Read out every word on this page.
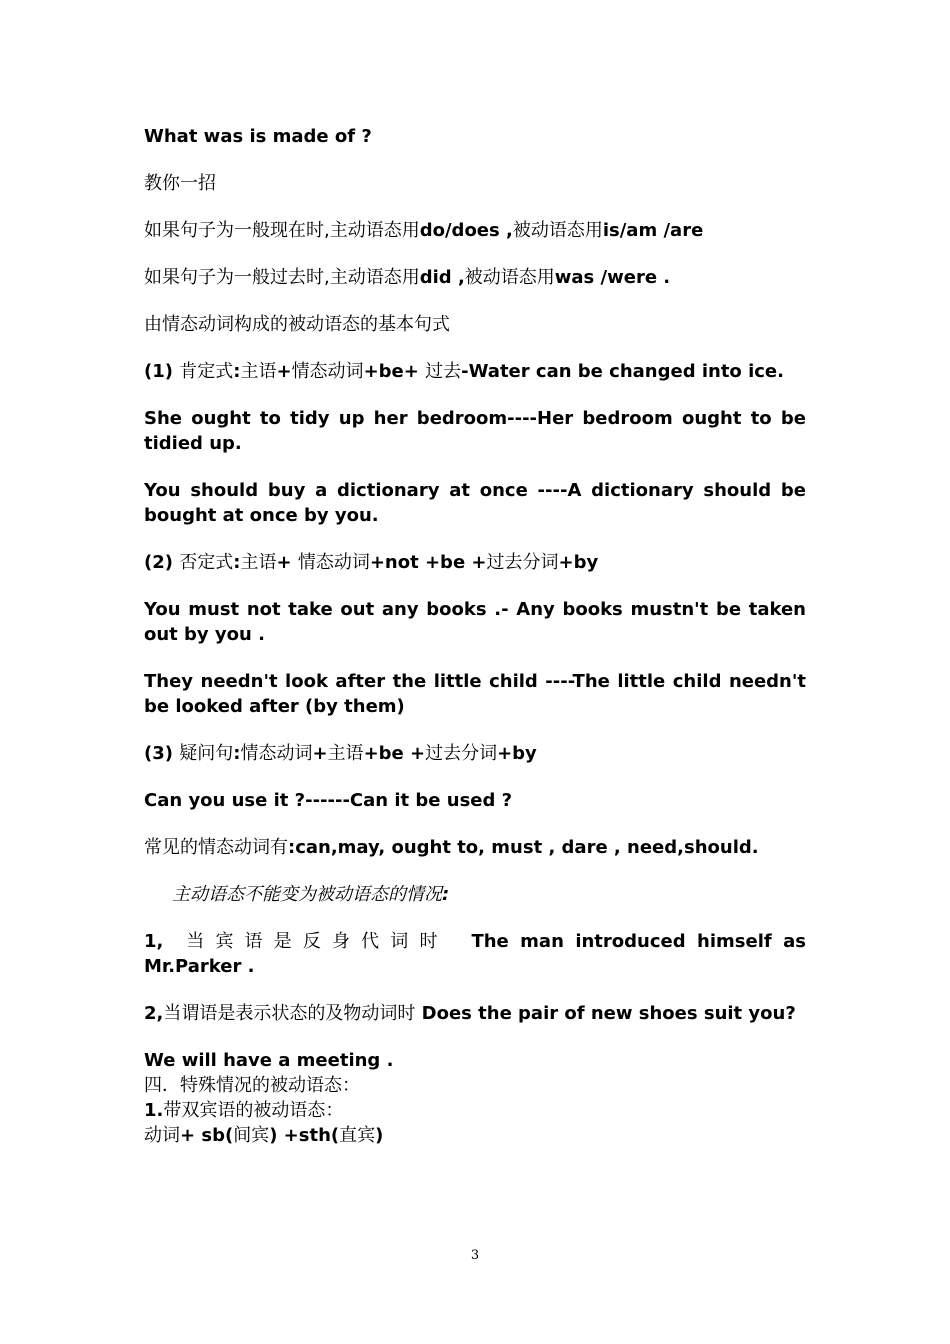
What was is made of ?

教你一招

如果句子为一般现在时,主动语态用do/does ,被动语态用is/am /are

如果句子为一般过去时,主动语态用did ,被动语态用was /were .

由情态动词构成的被动语态的基本句式

(1) 肯定式:主语+情态动词+be+ 过去-Water can be changed into ice.

She ought to tidy up her bedroom----Her bedroom ought to be tidied up.

You should buy a dictionary at once ----A dictionary should be bought at once by you.

(2) 否定式:主语+ 情态动词+not +be +过去分词+by

You must not take out any books .- Any books mustn't be taken out by you .

They needn't look after the little child ----The little child needn't be looked after (by them)

(3) 疑问句:情态动词+主语+be +过去分词+by

Can you use it ?------Can it be used ?

常见的情态动词有:can,may, ought to, must , dare , need,should.

主动语态不能变为被动语态的情况:

1, 当宾语是反身代词时 The man introduced himself as Mr.Parker .

2,当谓语是表示状态的及物动词时 Does the pair of new shoes suit you?

We will have a meeting .

四．特殊情况的被动语态：

1.带双宾语的被动语态：

动词+ sb(间宾) +sth(直宾)

3
